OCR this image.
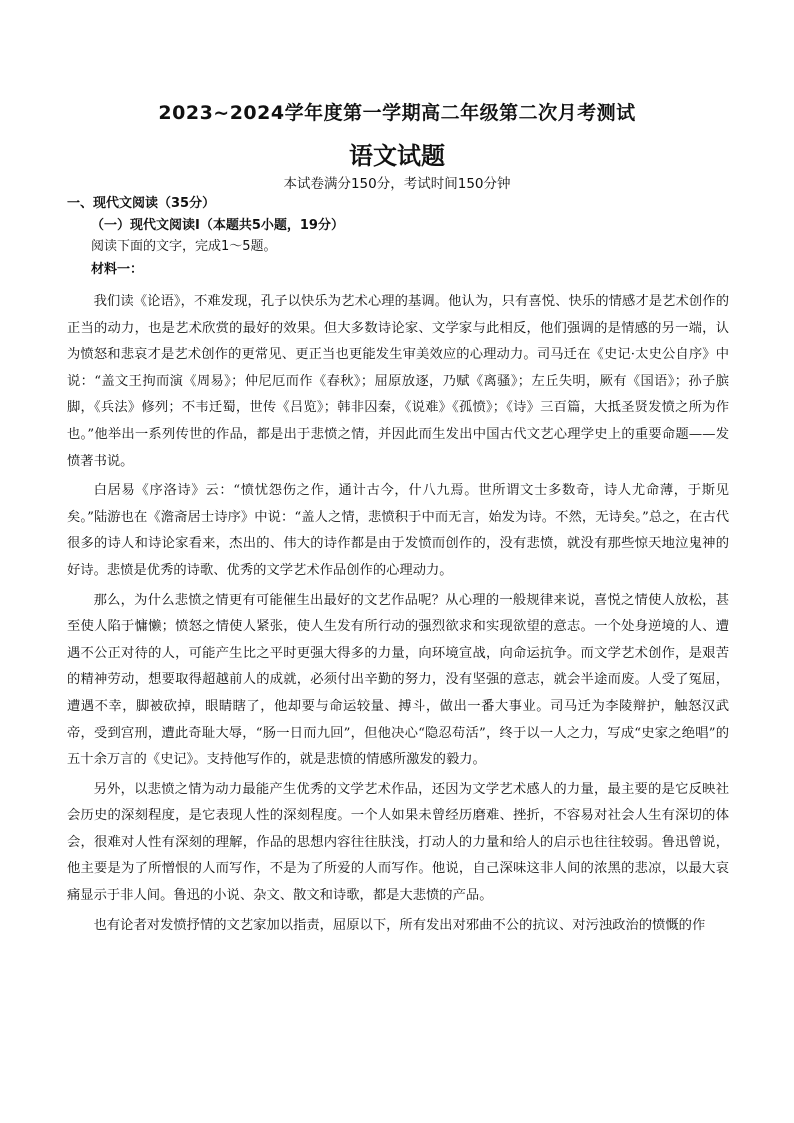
2023~2024学年度第一学期高二年级第二次月考测试
语文试题
本试卷满分150分，考试时间150分钟
一、现代文阅读（35分）
（一）现代文阅读Ⅰ（本题共5小题，19分）
阅读下面的文字，完成1～5题。
材料一：

我们读《论语》，不难发现，孔子以快乐为艺术心理的基调。他认为，只有喜悦、快乐的情感才是艺术创作的正当的动力，也是艺术欣赏的最好的效果。但大多数诗论家、文学家与此相反，他们强调的是情感的另一端，认为愤怒和悲哀才是艺术创作的更常见、更正当也更能发生审美效应的心理动力。司马迁在《史记·太史公自序》中说：“盖文王拘而演《周易》；仲尼厄而作《春秋》；屈原放逐，乃赋《离骚》；左丘失明，厥有《国语》；孙子膑脚，《兵法》修列；不韦迁蜀，世传《吕览》；韩非囚秦，《说难》《孤愤》；《诗》三百篇，大抵圣贤发愤之所为作也。”他举出一系列传世的作品，都是出于悲愤之情，并因此而生发出中国古代文艺心理学史上的重要命题——发愤著书说。

白居易《序洛诗》云：“愤忧怨伤之作，通计古今，什八九焉。世所谓文士多数奇，诗人尤命薄，于斯见矣。”陆游也在《澹斋居士诗序》中说：“盖人之情，悲愤积于中而无言，始发为诗。不然，无诗矣。”总之，在古代很多的诗人和诗论家看来，杰出的、伟大的诗作都是由于发愤而创作的，没有悲愤，就没有那些惊天地泣鬼神的好诗。悲愤是优秀的诗歌、优秀的文学艺术作品创作的心理动力。

那么，为什么悲愤之情更有可能催生出最好的文艺作品呢？从心理的一般规律来说，喜悦之情使人放松，甚至使人陷于慵懒；愤怒之情使人紧张，使人生发有所行动的强烈欲求和实现欲望的意志。一个处身逆境的人、遭遇不公正对待的人，可能产生比之平时更强大得多的力量，向环境宣战，向命运抗争。而文学艺术创作，是艰苦的精神劳动，想要取得超越前人的成就，必须付出辛勤的努力，没有坚强的意志，就会半途而废。人受了冤屈，遭遇不幸，脚被砍掉，眼睛瞎了，他却要与命运较量、搏斗，做出一番大事业。司马迁为李陵辩护，触怒汉武帝，受到宫刑，遭此奇耻大辱，“肠一日而九回”，但他决心“隐忍苟活”，终于以一人之力，写成“史家之绝唱”的五十余万言的《史记》。支持他写作的，就是悲愤的情感所激发的毅力。

另外，以悲愤之情为动力最能产生优秀的文学艺术作品，还因为文学艺术感人的力量，最主要的是它反映社会历史的深刻程度，是它表现人性的深刻程度。一个人如果未曾经历磨难、挫折，不容易对社会人生有深切的体会，很难对人性有深刻的理解，作品的思想内容往往肤浅，打动人的力量和给人的启示也往往较弱。鲁迅曾说，他主要是为了所憎恨的人而写作，不是为了所爱的人而写作。他说，自己深味这非人间的浓黑的悲凉，以最大哀痛显示于非人间。鲁迅的小说、杂文、散文和诗歌，都是大悲愤的产品。

也有论者对发愤抒情的文艺家加以指责，屈原以下，所有发出对邪曲不公的抗议、对污浊政治的愤慨的作
